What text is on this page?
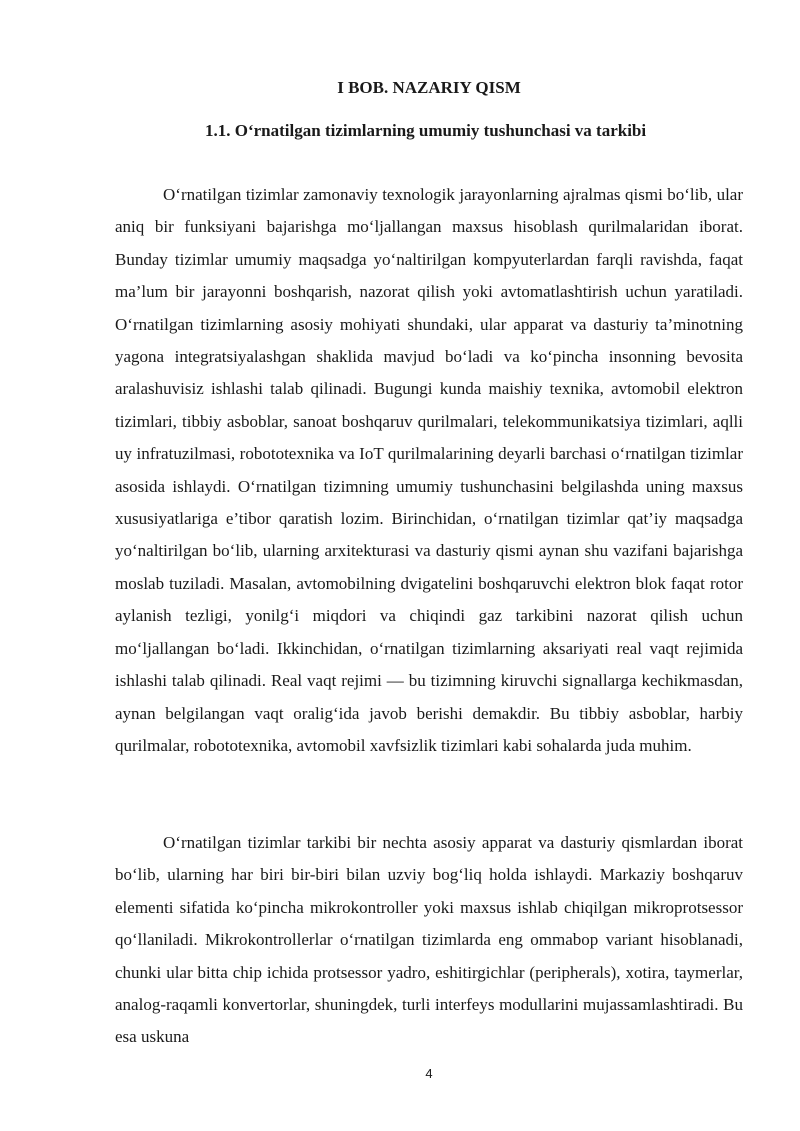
I BOB. NAZARIY QISM
1.1. O‘rnatilgan tizimlarning umumiy tushunchasi va tarkibi

O‘rnatilgan tizimlar zamonaviy texnologik jarayonlarning ajralmas qismi bo‘lib, ular aniq bir funksiyani bajarishga mo‘ljallangan maxsus hisoblash qurilmalaridan iborat. Bunday tizimlar umumiy maqsadga yo‘naltirilgan kompyuterlardan farqli ravishda, faqat ma’lum bir jarayonni boshqarish, nazorat qilish yoki avtomatlashtirish uchun yaratiladi. O‘rnatilgan tizimlarning asosiy mohiyati shundaki, ular apparat va dasturiy ta’minotning yagona integratsiyalashgan shaklida mavjud bo‘ladi va ko‘pincha insonning bevosita aralashuvisiz ishlashi talab qilinadi. Bugungi kunda maishiy texnika, avtomobil elektron tizimlari, tibbiy asboblar, sanoat boshqaruv qurilmalari, telekommunikatsiya tizimlari, aqlli uy infratuzilmasi, robototexnika va IoT qurilmalarining deyarli barchasi o‘rnatilgan tizimlar asosida ishlaydi. O‘rnatilgan tizimning umumiy tushunchasini belgilashda uning maxsus xususiyatlariga e’tibor qaratish lozim. Birinchidan, o‘rnatilgan tizimlar qat’iy maqsadga yo‘naltirilgan bo‘lib, ularning arxitekturasi va dasturiy qismi aynan shu vazifani bajarishga moslab tuziladi. Masalan, avtomobilning dvigatelini boshqaruvchi elektron blok faqat rotor aylanish tezligi, yonilg‘i miqdori va chiqindi gaz tarkibini nazorat qilish uchun mo‘ljallangan bo‘ladi. Ikkinchidan, o‘rnatilgan tizimlarning aksariyati real vaqt rejimida ishlashi talab qilinadi. Real vaqt rejimi — bu tizimning kiruvchi signallarga kechikmasdan, aynan belgilangan vaqt oralig‘ida javob berishi demakdir. Bu tibbiy asboblar, harbiy qurilmalar, robototexnika, avtomobil xavfsizlik tizimlari kabi sohalarda juda muhim.

O‘rnatilgan tizimlar tarkibi bir nechta asosiy apparat va dasturiy qismlardan iborat bo‘lib, ularning har biri bir-biri bilan uzviy bog‘liq holda ishlaydi. Markaziy boshqaruv elementi sifatida ko‘pincha mikrokontroller yoki maxsus ishlab chiqilgan mikroprotsessor qo‘llaniladi. Mikrokontrollerlar o‘rnatilgan tizimlarda eng ommabop variant hisoblanadi, chunki ular bitta chip ichida protsessor yadro, eshitirgichlar (peripherals), xotira, taymerlar, analog-raqamli konvertorlar, shuningdek, turli interfeys modullarini mujassamlashtiradi. Bu esa uskuna

4
